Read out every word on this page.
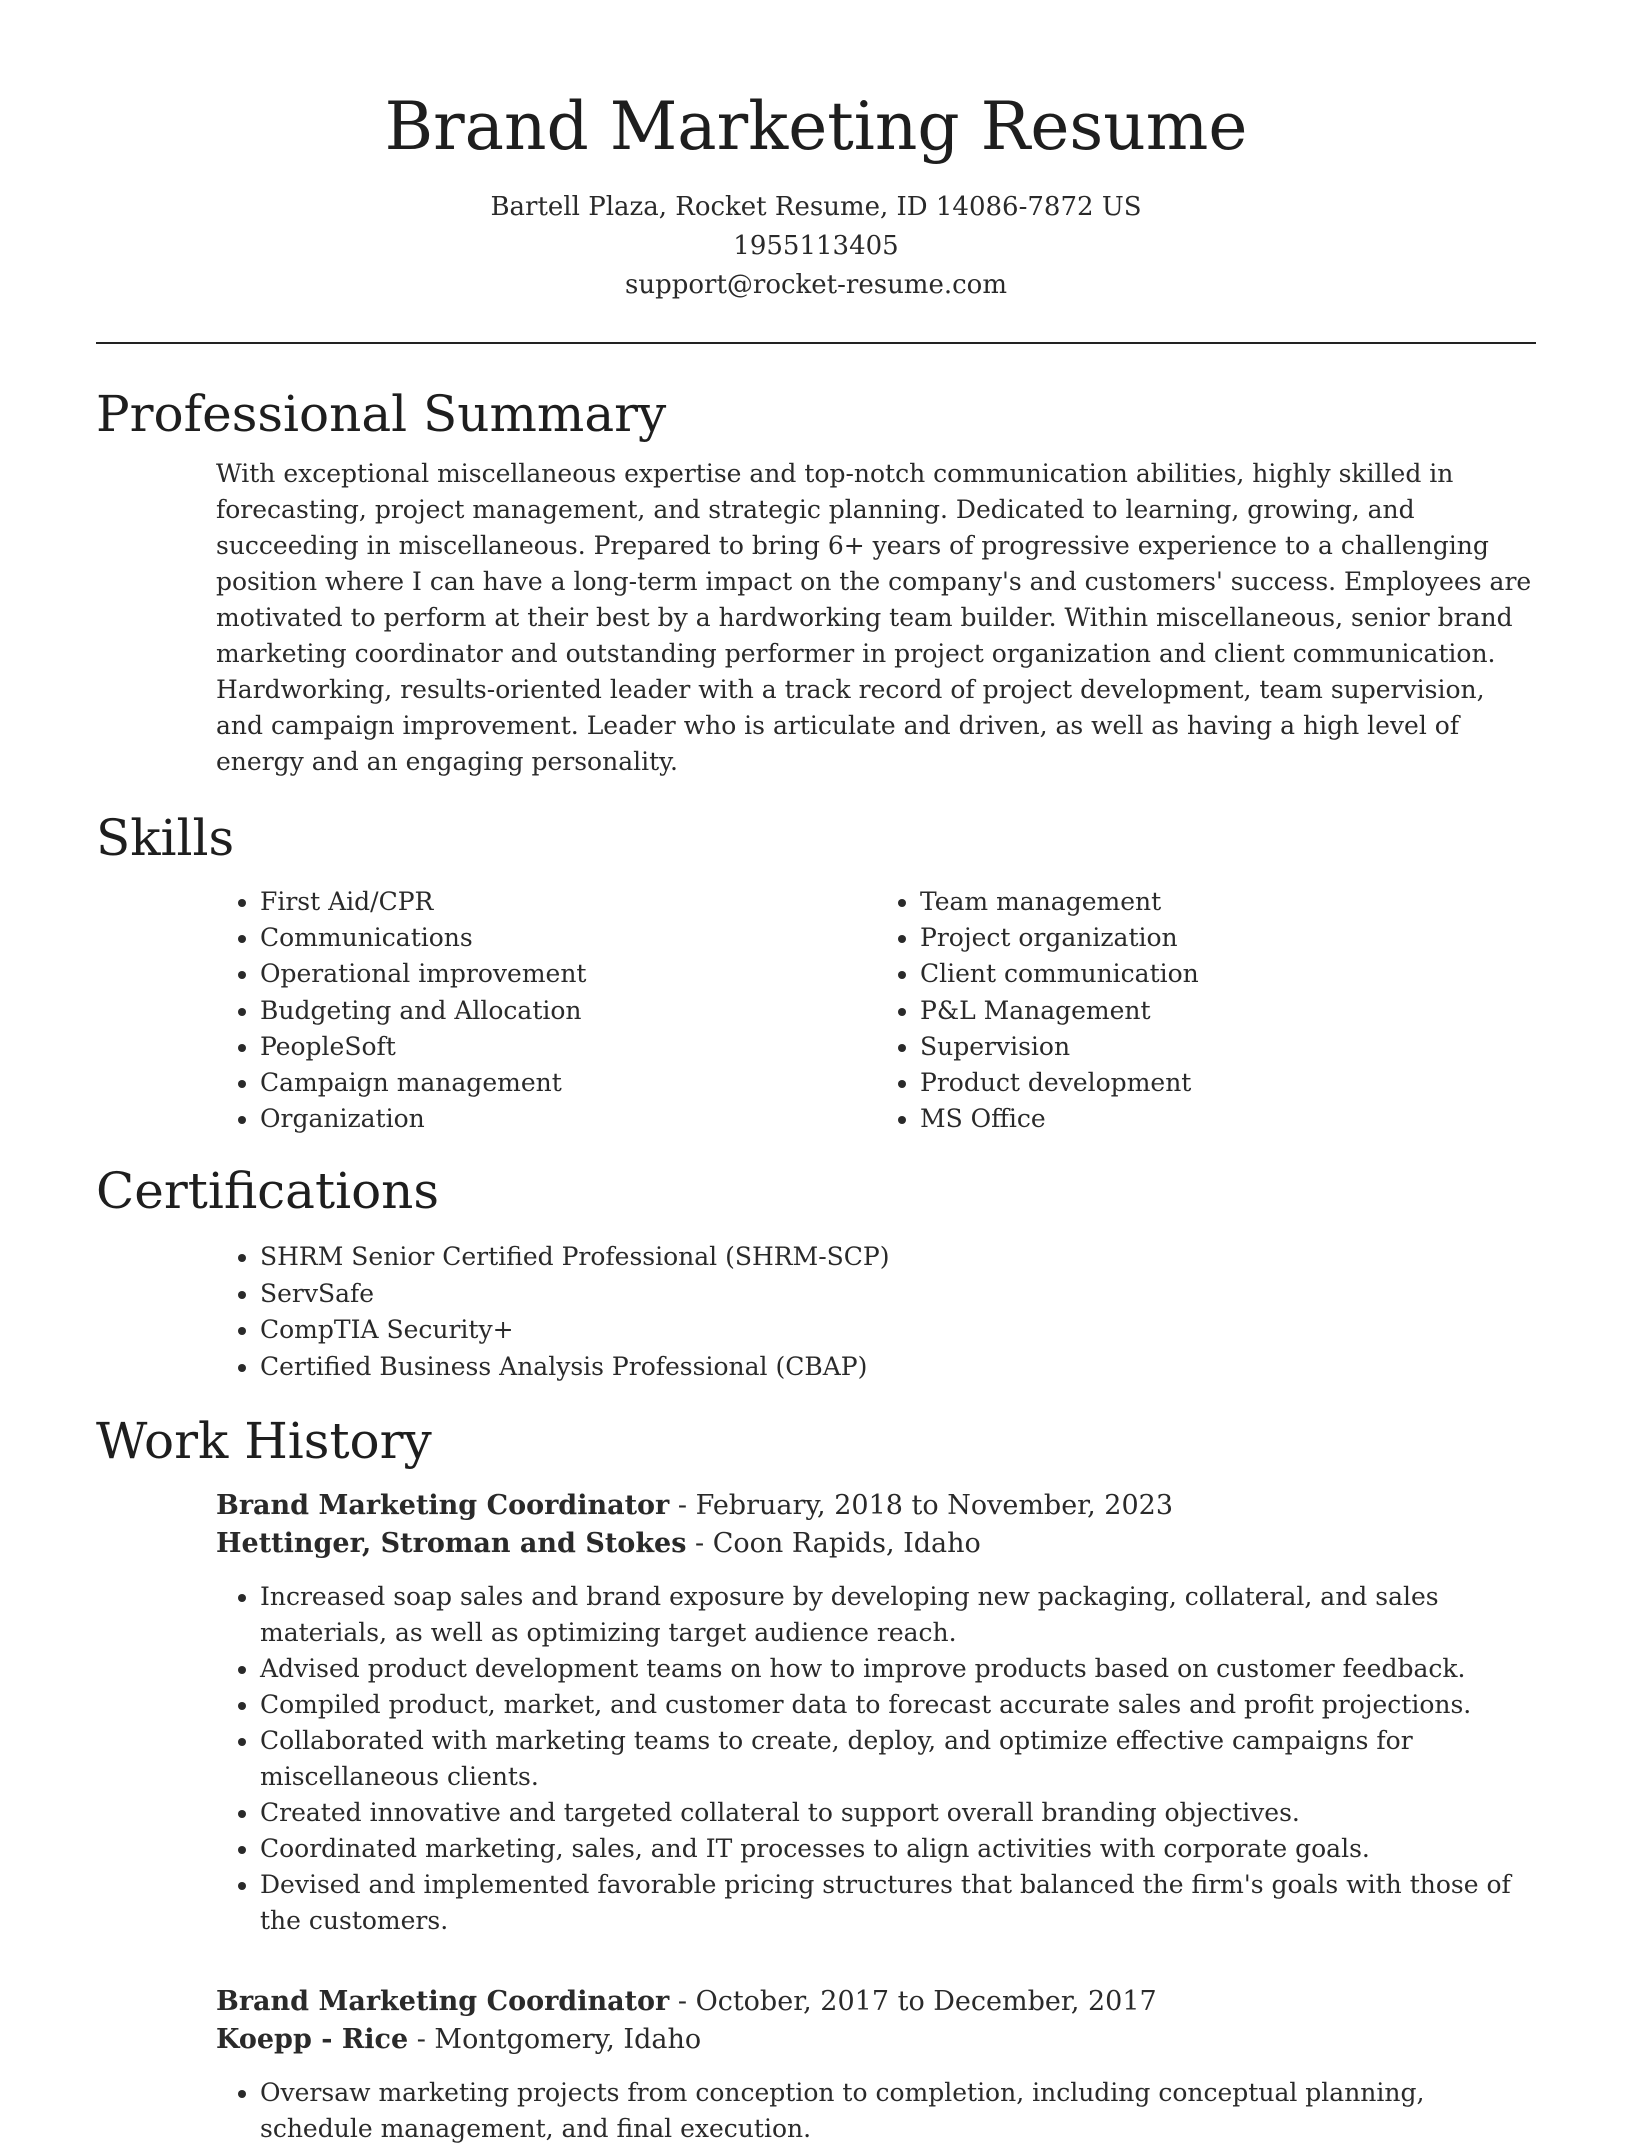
Brand Marketing Resume
Bartell Plaza, Rocket Resume, ID 14086-7872 US
1955113405
support@rocket-resume.com
Professional Summary

With exceptional miscellaneous expertise and top-notch communication abilities, highly skilled in forecasting, project management, and strategic planning. Dedicated to learning, growing, and succeeding in miscellaneous. Prepared to bring 6+ years of progressive experience to a challenging position where I can have a long-term impact on the company's and customers' success. Employees are motivated to perform at their best by a hardworking team builder. Within miscellaneous, senior brand marketing coordinator and outstanding performer in project organization and client communication. Hardworking, results-oriented leader with a track record of project development, team supervision, and campaign improvement. Leader who is articulate and driven, as well as having a high level of energy and an engaging personality.

Skills
• First Aid/CPR
• Communications
• Operational improvement
• Budgeting and Allocation
• PeopleSoft
• Campaign management
• Organization
• Team management
• Project organization
• Client communication
• P&L Management
• Supervision
• Product development
• MS Office
Certifications
• SHRM Senior Certified Professional (SHRM-SCP)
• ServSafe
• CompTIA Security+
• Certified Business Analysis Professional (CBAP)
Work History
Brand Marketing Coordinator - February, 2018 to November, 2023
Hettinger, Stroman and Stokes - Coon Rapids, Idaho
• Increased soap sales and brand exposure by developing new packaging, collateral, and sales materials, as well as optimizing target audience reach.
• Advised product development teams on how to improve products based on customer feedback.
• Compiled product, market, and customer data to forecast accurate sales and profit projections.
• Collaborated with marketing teams to create, deploy, and optimize effective campaigns for miscellaneous clients.
• Created innovative and targeted collateral to support overall branding objectives.
• Coordinated marketing, sales, and IT processes to align activities with corporate goals.
• Devised and implemented favorable pricing structures that balanced the firm's goals with those of the customers.
Brand Marketing Coordinator - October, 2017 to December, 2017
Koepp - Rice - Montgomery, Idaho
• Oversaw marketing projects from conception to completion, including conceptual planning, schedule management, and final execution.
